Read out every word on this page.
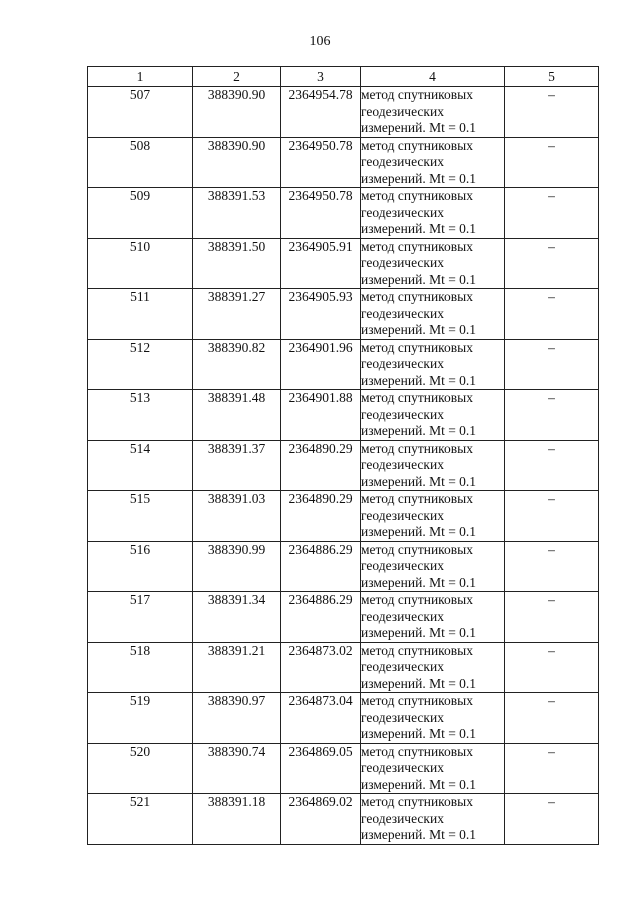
106
1	2	3	4	5
507	388390.90	2364954.78	метод спутниковых
геодезических
измерений. Mt = 0.1	–
508	388390.90	2364950.78	метод спутниковых
геодезических
измерений. Mt = 0.1	–
509	388391.53	2364950.78	метод спутниковых
геодезических
измерений. Mt = 0.1	–
510	388391.50	2364905.91	метод спутниковых
геодезических
измерений. Mt = 0.1	–
511	388391.27	2364905.93	метод спутниковых
геодезических
измерений. Mt = 0.1	–
512	388390.82	2364901.96	метод спутниковых
геодезических
измерений. Mt = 0.1	–
513	388391.48	2364901.88	метод спутниковых
геодезических
измерений. Mt = 0.1	–
514	388391.37	2364890.29	метод спутниковых
геодезических
измерений. Mt = 0.1	–
515	388391.03	2364890.29	метод спутниковых
геодезических
измерений. Mt = 0.1	–
516	388390.99	2364886.29	метод спутниковых
геодезических
измерений. Mt = 0.1	–
517	388391.34	2364886.29	метод спутниковых
геодезических
измерений. Mt = 0.1	–
518	388391.21	2364873.02	метод спутниковых
геодезических
измерений. Mt = 0.1	–
519	388390.97	2364873.04	метод спутниковых
геодезических
измерений. Mt = 0.1	–
520	388390.74	2364869.05	метод спутниковых
геодезических
измерений. Mt = 0.1	–
521	388391.18	2364869.02	метод спутниковых
геодезических
измерений. Mt = 0.1	–
